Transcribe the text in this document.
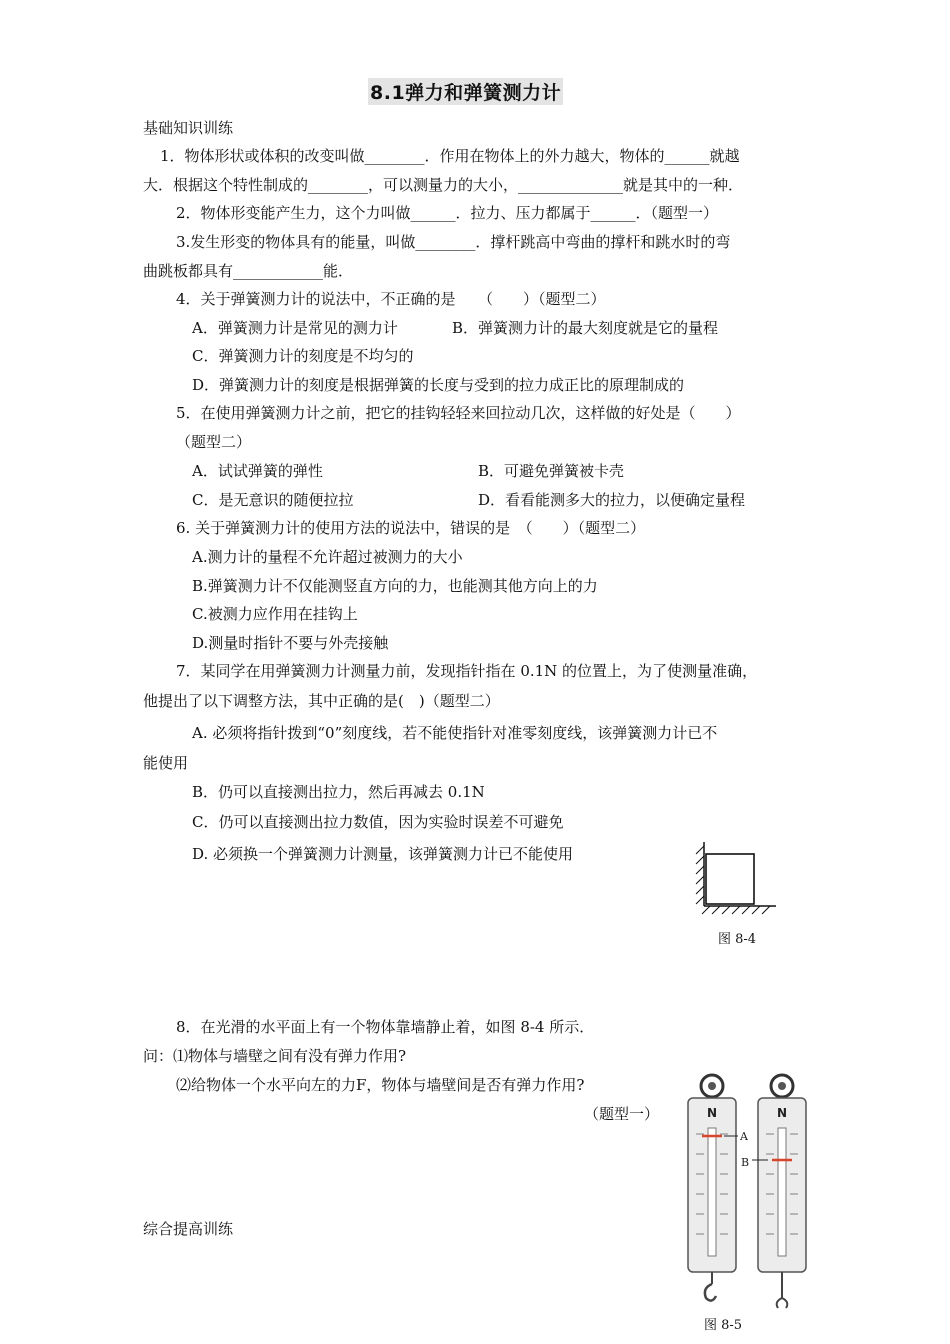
8.1弹力和弹簧测力计
基础知识训练
1．物体形状或体积的改变叫做________．作用在物体上的外力越大，物体的______就越
大．根据这个特性制成的________，可以测量力的大小，______________就是其中的一种．
2．物体形变能产生力，这个力叫做______．拉力、压力都属于______．（题型一）
3.发生形变的物体具有的能量，叫做________．撑杆跳高中弯曲的撑杆和跳水时的弯
曲跳板都具有____________能．
4．关于弹簧测力计的说法中，不正确的是　　（　　）（题型二）
A．弹簧测力计是常见的测力计	B．弹簧测力计的最大刻度就是它的量程
C．弹簧测力计的刻度是不均匀的
D．弹簧测力计的刻度是根据弹簧的长度与受到的拉力成正比的原理制成的
5．在使用弹簧测力计之前，把它的挂钩轻轻来回拉动几次，这样做的好处是（　　）
（题型二）
A．试试弹簧的弹性	B．可避免弹簧被卡壳
C．是无意识的随便拉拉	D．看看能测多大的拉力，以便确定量程
6. 关于弹簧测力计的使用方法的说法中，错误的是　（　　）（题型二）
A.测力计的量程不允许超过被测力的大小
B.弹簧测力计不仅能测竖直方向的力，也能测其他方向上的力
C.被测力应作用在挂钩上
D.测量时指针不要与外壳接触
7．某同学在用弹簧测力计测量力前，发现指针指在 0.1N 的位置上，为了使测量准确，
他提出了以下调整方法，其中正确的是(　)（题型二）
A. 必须将指针拨到“0”刻度线，若不能使指针对准零刻度线，该弹簧测力计已不
能使用
B．仍可以直接测出拉力，然后再减去 0.1N
C．仍可以直接测出拉力数值，因为实验时误差不可避免
D. 必须换一个弹簧测力计测量，该弹簧测力计已不能使用
图 8-4
8．在光滑的水平面上有一个物体靠墙静止着，如图 8-4 所示．
问：⑴物体与墙壁之间有没有弹力作用?
⑵给物体一个水平向左的力F，物体与墙壁间是否有弹力作用?
（题型一）
综合提高训练
N
A
N
B
图 8-5
